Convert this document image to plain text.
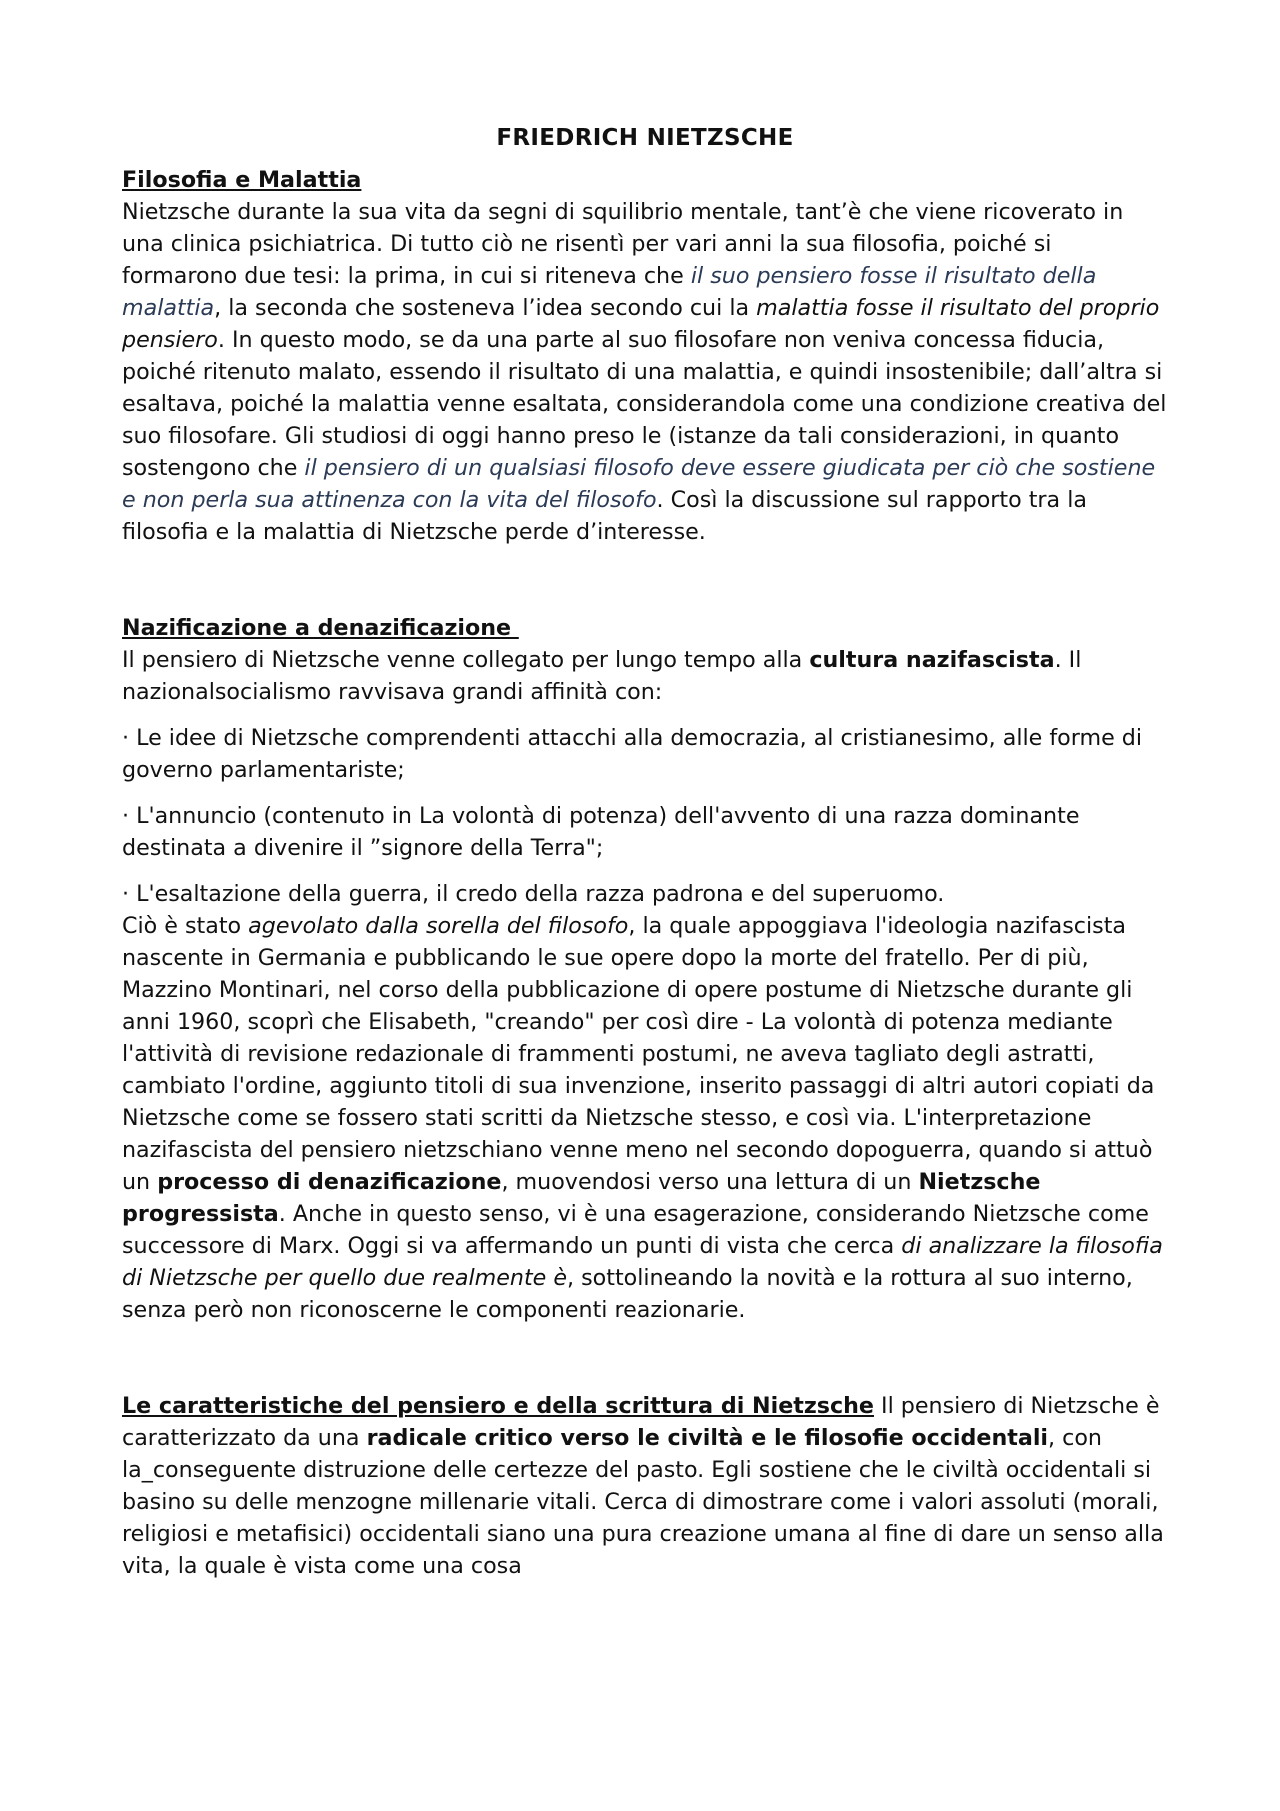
FRIEDRICH NIETZSCHE
Filosofia e Malattia

Nietzsche durante la sua vita da segni di squilibrio mentale, tant’è che viene ricoverato in una clinica psichiatrica. Di tutto ciò ne risentì per vari anni la sua filosofia, poiché si formarono due tesi: la prima, in cui si riteneva che il suo pensiero fosse il risultato della malattia, la seconda che sosteneva l’idea secondo cui la malattia fosse il risultato del proprio pensiero. In questo modo, se da una parte al suo filosofare non veniva concessa fiducia, poiché ritenuto malato, essendo il risultato di una malattia, e quindi insostenibile; dall’altra si esaltava, poiché la malattia venne esaltata, considerandola come una condizione creativa del suo filosofare. Gli studiosi di oggi hanno preso le (istanze da tali considerazioni, in quanto sostengono che il pensiero di un qualsiasi filosofo deve essere giudicata per ciò che sostiene e non perla sua attinenza con la vita del filosofo. Così la discussione sul rapporto tra la filosofia e la malattia di Nietzsche perde d’interesse.

Nazificazione a denazificazione

Il pensiero di Nietzsche venne collegato per lungo tempo alla cultura nazifascista. Il nazionalsocialismo ravvisava grandi affinità con:

· Le idee di Nietzsche comprendenti attacchi alla democrazia, al cristianesimo, alle forme di governo parlamentariste;

· L'annuncio (contenuto in La volontà di potenza) dell'avvento di una razza dominante destinata a divenire il ”signore della Terra";

· L'esaltazione della guerra, il credo della razza padrona e del superuomo.

Ciò è stato agevolato dalla sorella del filosofo, la quale appoggiava l'ideologia nazifascista nascente in Germania e pubblicando le sue opere dopo la morte del fratello. Per di più, Mazzino Montinari, nel corso della pubblicazione di opere postume di Nietzsche durante gli anni 1960, scoprì che Elisabeth, "creando" per così dire - La volontà di potenza mediante l'attività di revisione redazionale di frammenti postumi, ne aveva tagliato degli astratti, cambiato l'ordine, aggiunto titoli di sua invenzione, inserito passaggi di altri autori copiati da Nietzsche come se fossero stati scritti da Nietzsche stesso, e così via. L'interpretazione nazifascista del pensiero nietzschiano venne meno nel secondo dopoguerra, quando si attuò un processo di denazificazione, muovendosi verso una lettura di un Nietzsche progressista. Anche in questo senso, vi è una esagerazione, considerando Nietzsche come successore di Marx. Oggi si va affermando un punti di vista che cerca di analizzare la filosofia di Nietzsche per quello due realmente è, sottolineando la novità e la rottura al suo interno, senza però non riconoscerne le componenti reazionarie.

Le caratteristiche del pensiero e della scrittura di Nietzsche Il pensiero di Nietzsche è caratterizzato da una radicale critico verso le civiltà e le filosofie occidentali, con la_conseguente distruzione delle certezze del pasto. Egli sostiene che le civiltà occidentali si basino su delle menzogne millenarie vitali. Cerca di dimostrare come i valori assoluti (morali, religiosi e metafisici) occidentali siano una pura creazione umana al fine di dare un senso alla vita, la quale è vista come una cosa
